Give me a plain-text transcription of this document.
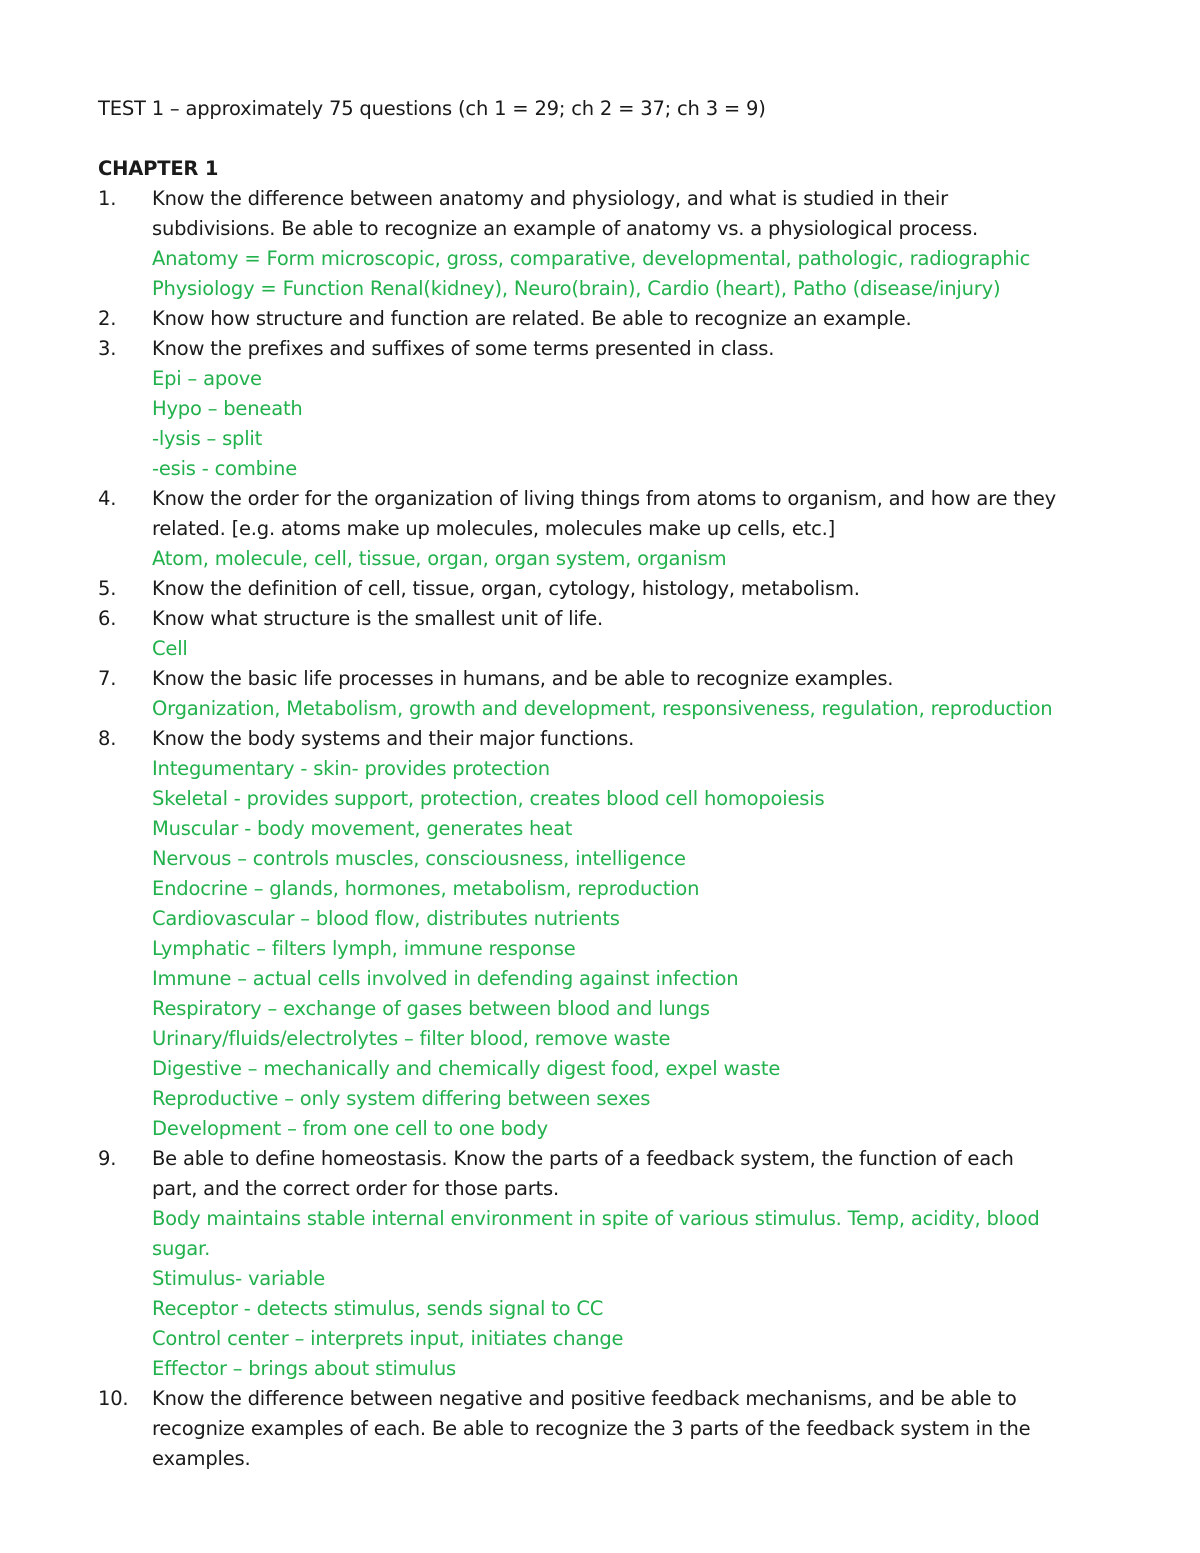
TEST 1 – approximately 75 questions (ch 1 = 29; ch 2 = 37; ch 3 = 9)
CHAPTER 1
1. Know the difference between anatomy and physiology, and what is studied in their
subdivisions. Be able to recognize an example of anatomy vs. a physiological process.
Anatomy = Form microscopic, gross, comparative, developmental, pathologic, radiographic
Physiology = Function Renal(kidney), Neuro(brain), Cardio (heart), Patho (disease/injury)
2. Know how structure and function are related. Be able to recognize an example.
3. Know the prefixes and suffixes of some terms presented in class.
Epi – apove
Hypo – beneath
-lysis – split
-esis - combine
4. Know the order for the organization of living things from atoms to organism, and how are they
related. [e.g. atoms make up molecules, molecules make up cells, etc.]
Atom, molecule, cell, tissue, organ, organ system, organism
5. Know the definition of cell, tissue, organ, cytology, histology, metabolism.
6. Know what structure is the smallest unit of life.
Cell
7. Know the basic life processes in humans, and be able to recognize examples.
Organization, Metabolism, growth and development, responsiveness, regulation, reproduction
8. Know the body systems and their major functions.
Integumentary - skin- provides protection
Skeletal - provides support, protection, creates blood cell homopoiesis
Muscular - body movement, generates heat
Nervous – controls muscles, consciousness, intelligence
Endocrine – glands, hormones, metabolism, reproduction
Cardiovascular – blood flow, distributes nutrients
Lymphatic – filters lymph, immune response
Immune – actual cells involved in defending against infection
Respiratory – exchange of gases between blood and lungs
Urinary/fluids/electrolytes – filter blood, remove waste
Digestive – mechanically and chemically digest food, expel waste
Reproductive – only system differing between sexes
Development – from one cell to one body
9. Be able to define homeostasis. Know the parts of a feedback system, the function of each
part, and the correct order for those parts.
Body maintains stable internal environment in spite of various stimulus. Temp, acidity, blood
sugar.
Stimulus- variable
Receptor - detects stimulus, sends signal to CC
Control center – interprets input, initiates change
Effector – brings about stimulus
10. Know the difference between negative and positive feedback mechanisms, and be able to
recognize examples of each. Be able to recognize the 3 parts of the feedback system in the
examples.
